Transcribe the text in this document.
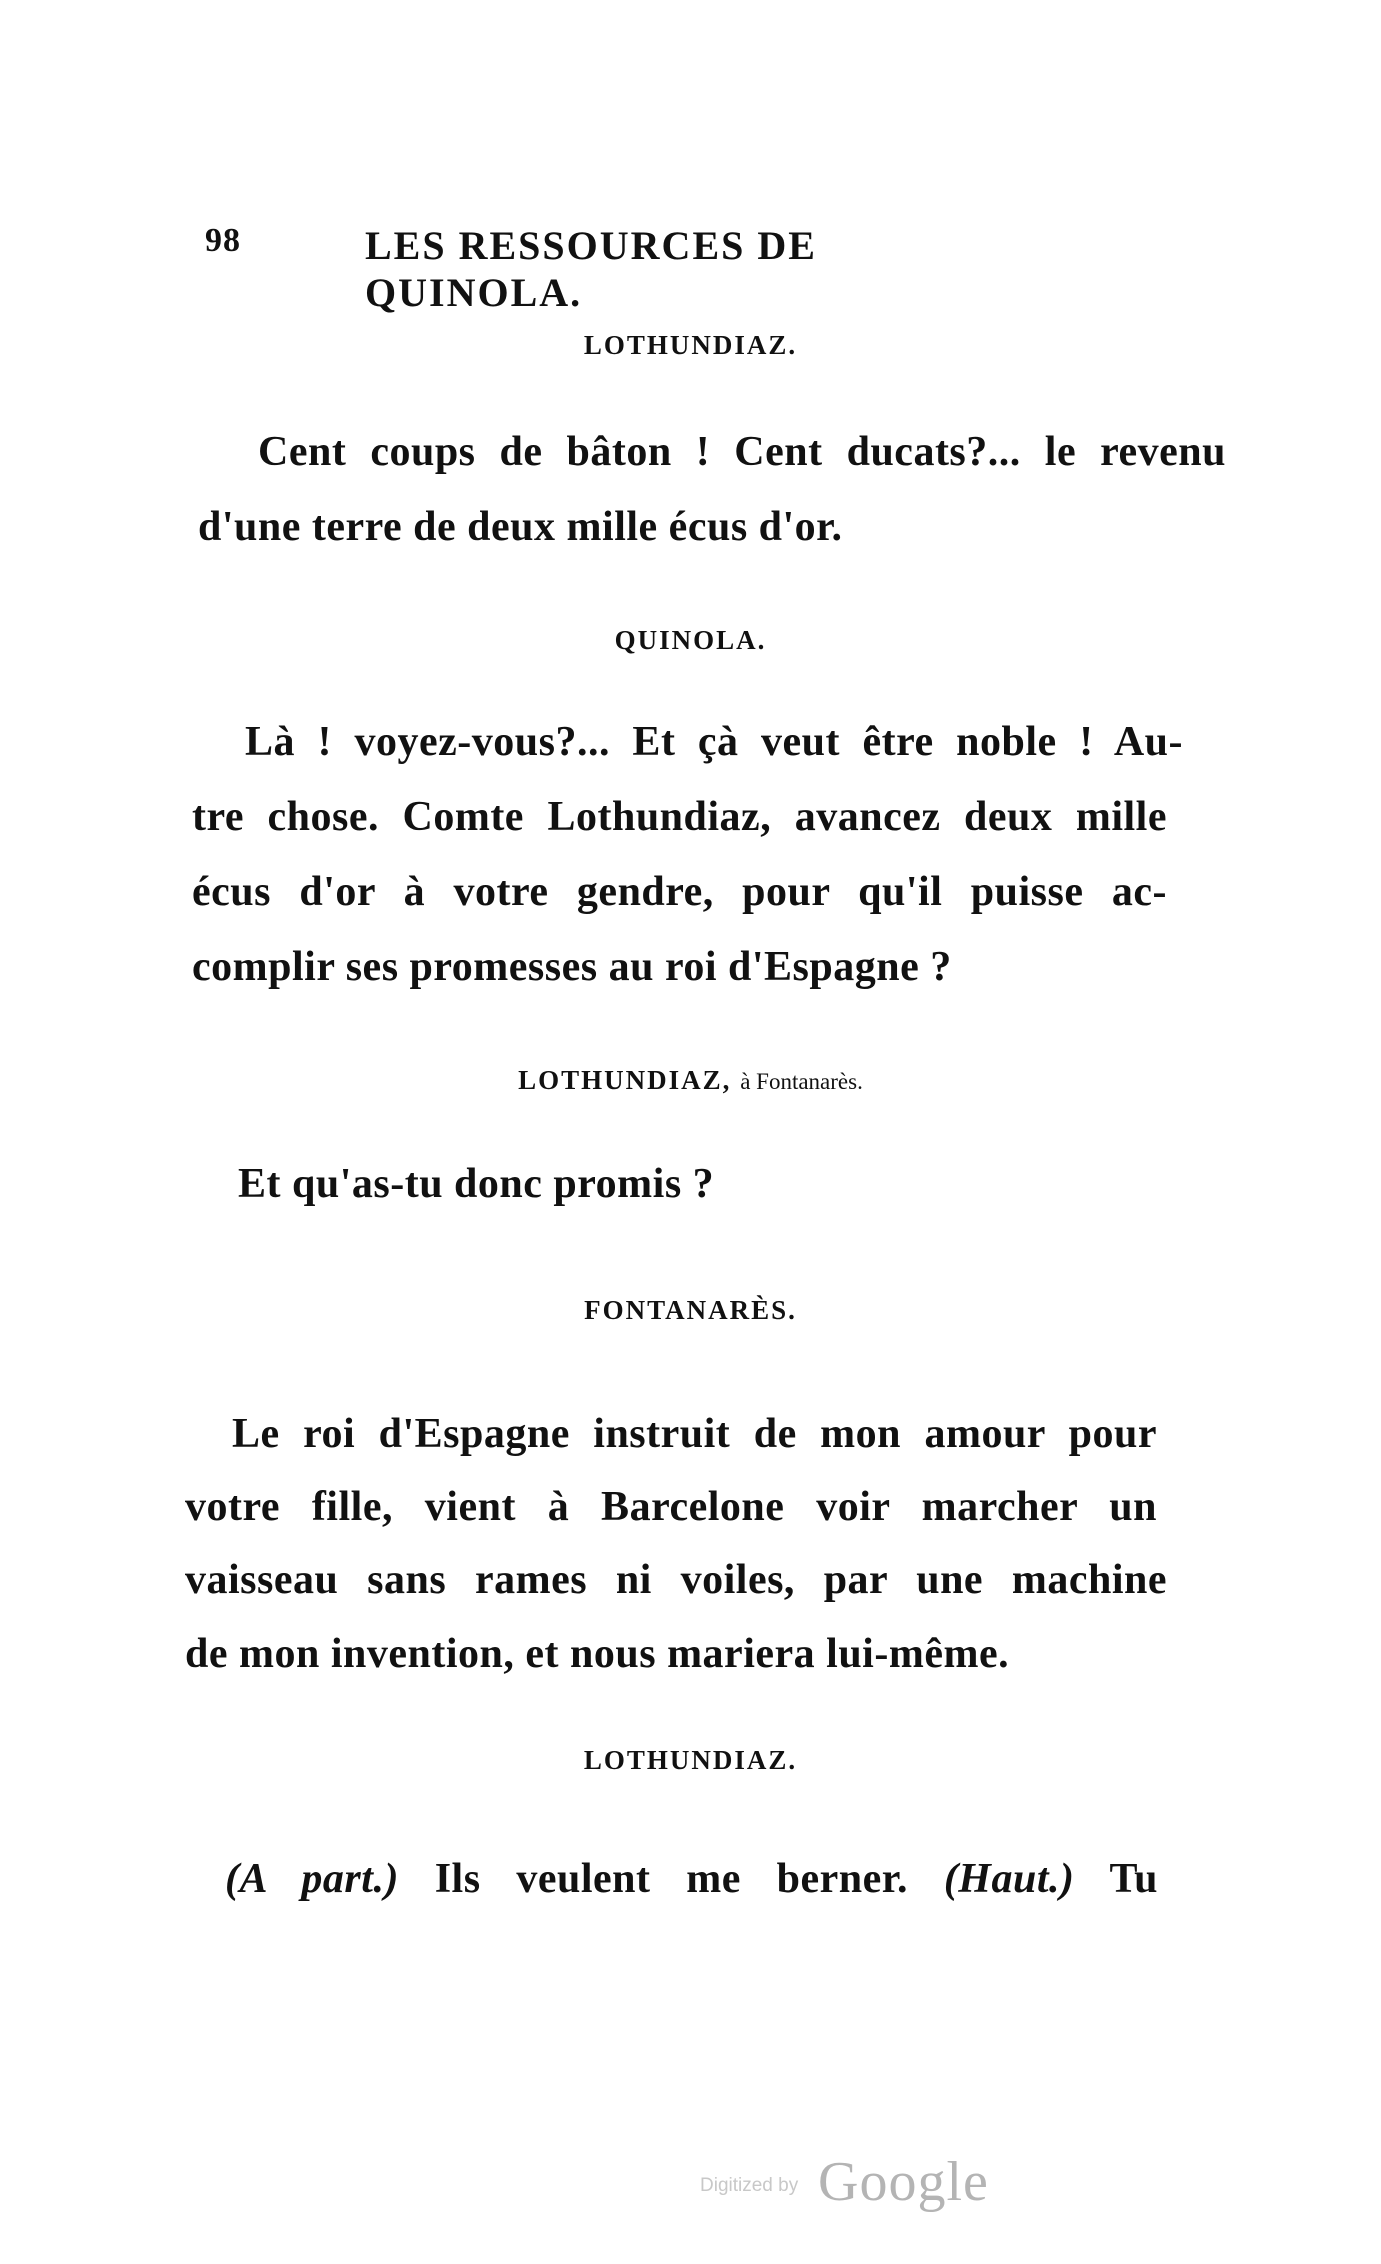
98	LES RESSOURCES DE QUINOLA.
LOTHUNDIAZ.
Cent coups de bâton ! Cent ducats?... le revenu
d'une terre de deux mille écus d'or.
QUINOLA.
Là ! voyez-vous?... Et çà veut être noble ! Au-
tre chose. Comte Lothundiaz, avancez deux mille
écus d'or à votre gendre, pour qu'il puisse ac-
complir ses promesses au roi d'Espagne ?
LOTHUNDIAZ, à Fontanarès.
Et qu'as-tu donc promis ?
FONTANARÈS.
Le roi d'Espagne instruit de mon amour pour
votre fille, vient à Barcelone voir marcher un
vaisseau sans rames ni voiles, par une machine
de mon invention, et nous mariera lui-même.
LOTHUNDIAZ.
(A part.) Ils veulent me berner. (Haut.) Tu
Digitized by Google
